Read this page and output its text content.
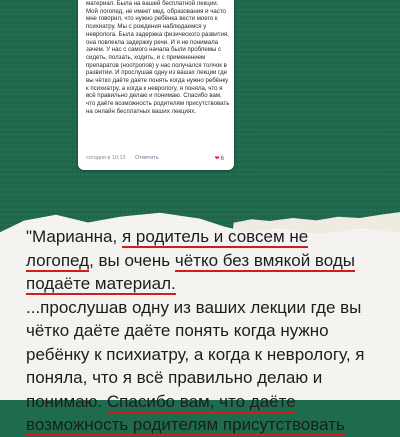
материал. Была на вашей бесплатной лекции.
Мой логопед, не имеет мед. образования и часто мне говорил, что нужно ребёнка вести моего к психиатру. Мы с рождения наблюдаемся у невролога. Была задержка физического развития, она повлекла задержку речи. И я не понимала зачем. У нас с самого начала были проблемы с сидеть, ползать, ходить, и с применением препаратов (ноотропов) у нас получался толчок в развитии. И прослушав одну из вашах лекции где вы чётко даёте даёте понять когда нужно ребёнку к психиатру, а когда к неврологу, я поняла, что я всё правильно делаю и понимаю. Спасибо вам, что даёте возможность родителям присутствовать на онлайн бесплатных ваших лекциях.
сегодня в 10:13 Ответить	❤6
"Марианна, я родитель и совсем не
логопед, вы очень чётко без вмякой воды
подаёте материал.
...прослушав одну из ваших лекции где вы чётко даёте даёте понять когда нужно ребёнку к психиатру, а когда к неврологу, я поняла, что я всё правильно делаю и понимаю. Спасибо вам, что даёте
возможность родителям присутствовать
